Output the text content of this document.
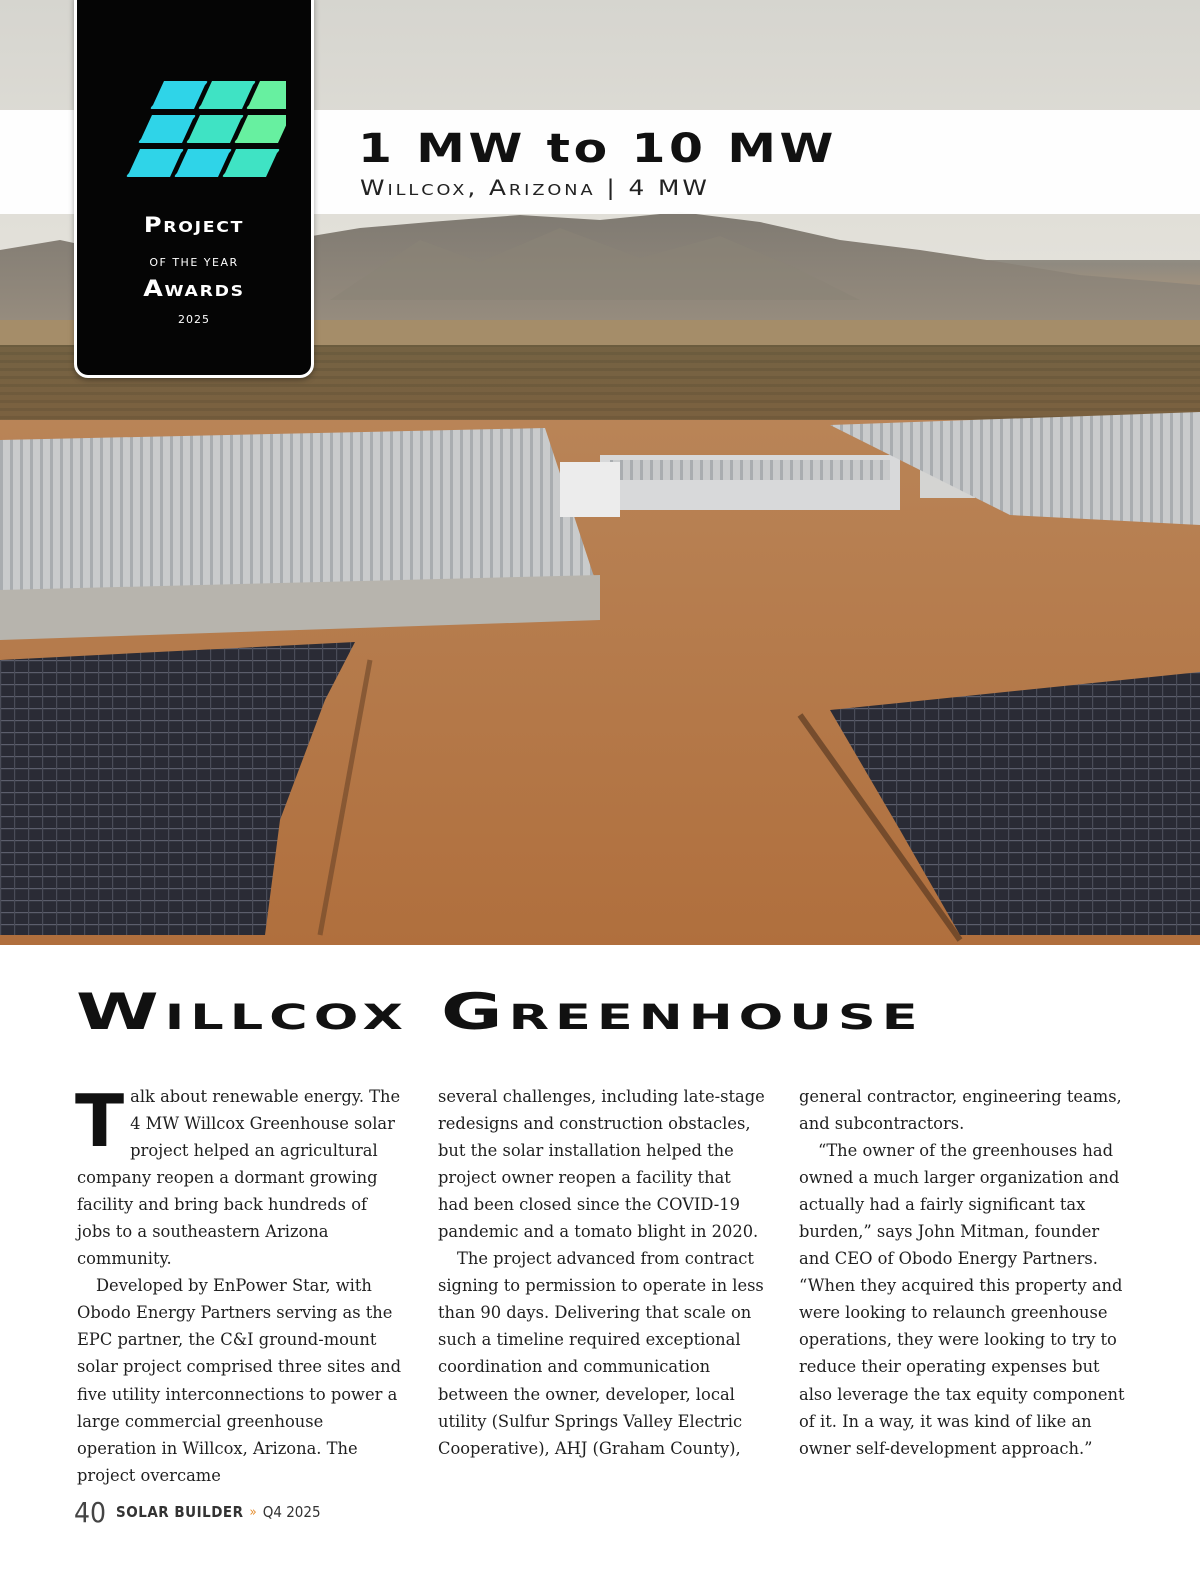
1 MW to 10 MW

Willcox, Arizona | 4 MW

Project
OF THE YEAR
Awards
2025
Willcox Greenhouse

Talk about renewable energy. The 4 MW Willcox Greenhouse solar project helped an agricultural company reopen a dormant growing facility and bring back hundreds of jobs to a southeastern Arizona community.

Developed by EnPower Star, with Obodo Energy Partners serving as the EPC partner, the C&I ground-mount solar project comprised three sites and five utility interconnections to power a large commercial greenhouse operation in Willcox, Arizona. The project overcame

several challenges, including late-stage redesigns and construction obstacles, but the solar installation helped the project owner reopen a facility that had been closed since the COVID-19 pandemic and a tomato blight in 2020.

The project advanced from contract signing to permission to operate in less than 90 days. Delivering that scale on such a timeline required exceptional coordination and communication between the owner, developer, local utility (Sulfur Springs Valley Electric Cooperative), AHJ (Graham County),

general contractor, engineering teams, and subcontractors.

“The owner of the greenhouses had owned a much larger organization and actually had a fairly significant tax burden,” says John Mitman, founder and CEO of Obodo Energy Partners. “When they acquired this property and were looking to relaunch greenhouse operations, they were looking to try to reduce their operating expenses but also leverage the tax equity component of it. In a way, it was kind of like an owner self-development approach.”

40 SOLAR BUILDER » Q4 2025
